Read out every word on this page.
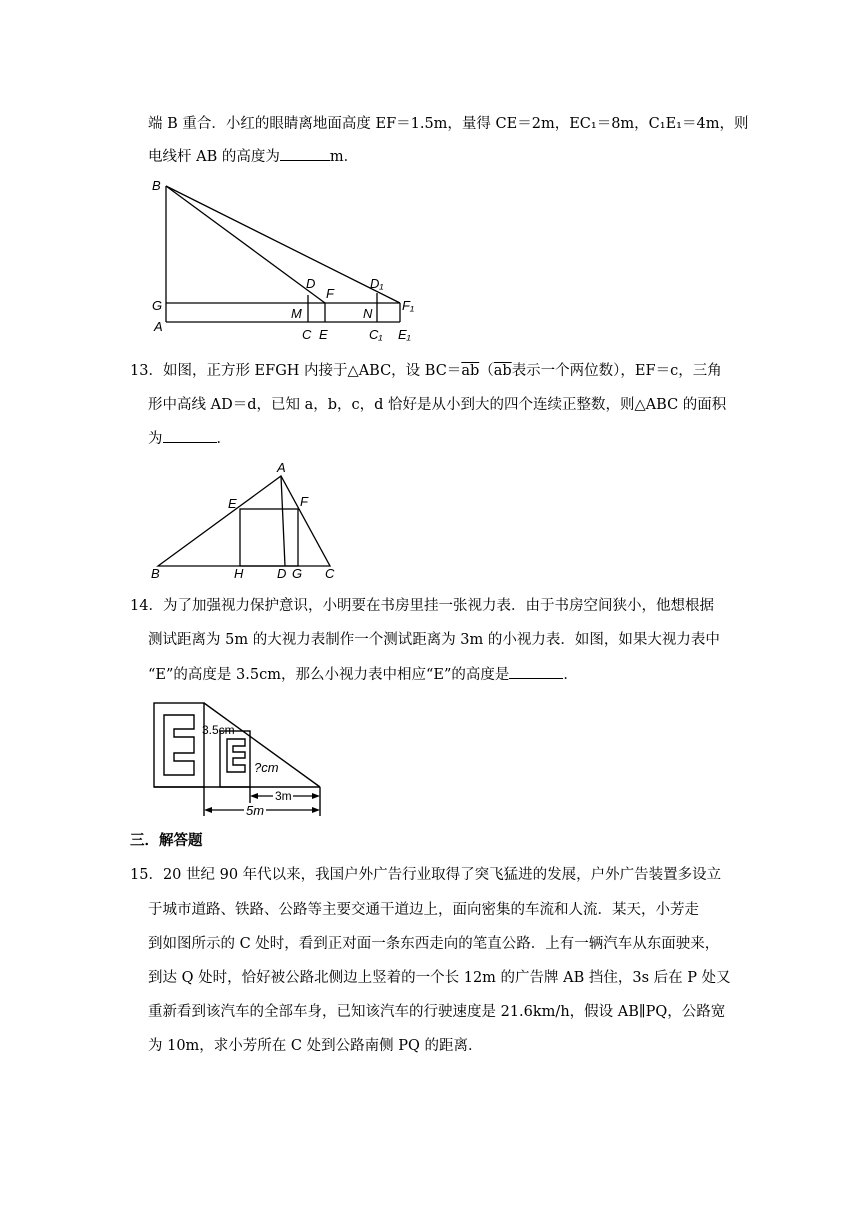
端 B 重合．小红的眼睛离地面高度 EF＝1.5m，量得 CE＝2m，EC₁＝8m，C₁E₁＝4m，则
电线杆 AB 的高度为	m．
B
G
A
D
F
M
C E
D₁
F₁
N
C₁ E₁
13．如图，正方形 EFGH 内接于△ABC，设 $BC=\overline{ab}(\overline{ab}$表示一个两位数），EF＝c，三角
形中高线 AD＝d，已知 a，b，c，d 恰好是从小到大的四个连续正整数，则△ABC 的面积
为	．
A
E	F
B	H	D G C
14．为了加强视力保护意识，小明要在书房里挂一张视力表．由于书房空间狭小，他想根据
测试距离为 5m 的大视力表制作一个测试距离为 3m 的小视力表．如图，如果大视力表中
“E”的高度是 3.5cm，那么小视力表中相应“E”的高度是	．
3.5cm
?cm
3m
5m
三．解答题
15．20 世纪 90 年代以来，我国户外广告行业取得了突飞猛进的发展，户外广告装置多设立
于城市道路、铁路、公路等主要交通干道边上，面向密集的车流和人流．某天，小芳走
到如图所示的 C 处时，看到正对面一条东西走向的笔直公路．上有一辆汽车从东面驶来，
到达 Q 处时，恰好被公路北侧边上竖着的一个长 12m 的广告牌 AB 挡住，3s 后在 P 处又
重新看到该汽车的全部车身，已知该汽车的行驶速度是 21.6km/h，假设 AB∥PQ，公路宽
为 10m，求小芳所在 C 处到公路南侧 PQ 的距离．
